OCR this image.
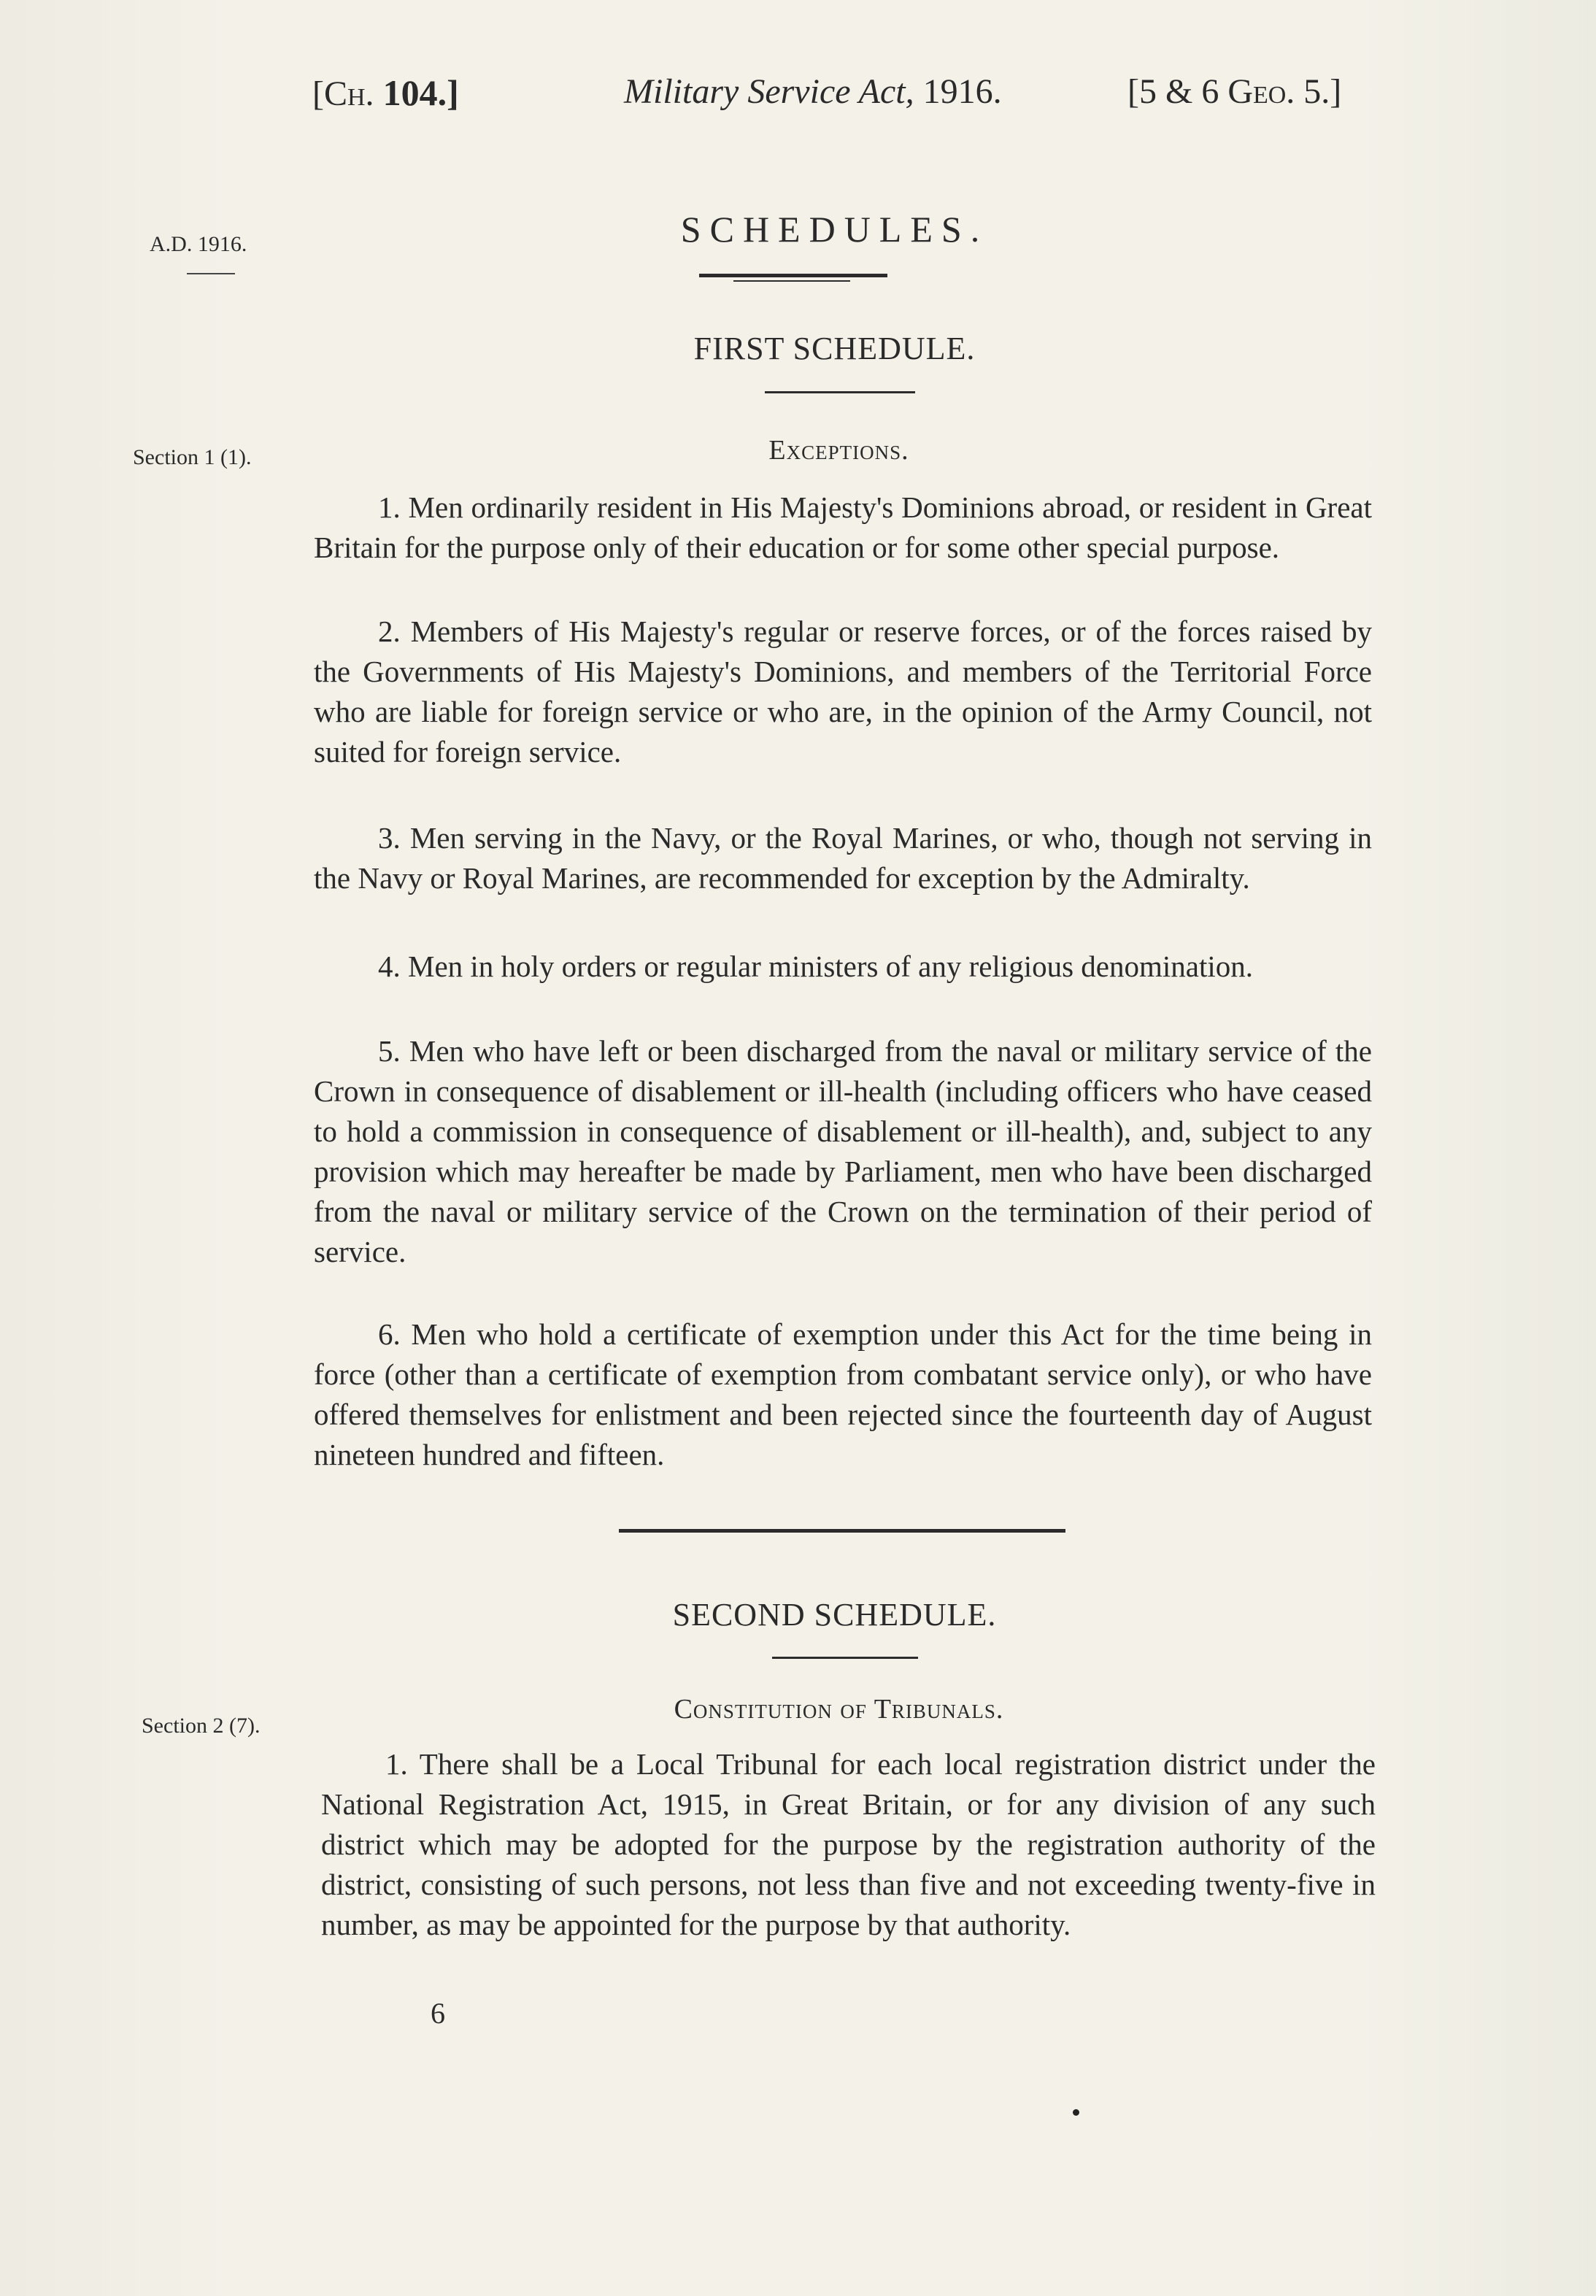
[Ch. 104.]	Military Service Act, 1916.	[5 & 6 Geo. 5.]
A.D. 1916.	SCHEDULES.
FIRST SCHEDULE.
Section 1 (1).	Exceptions.

1. Men ordinarily resident in His Majesty's Dominions abroad, or resident in Great Britain for the purpose only of their education or for some other special purpose.

2. Members of His Majesty's regular or reserve forces, or of the forces raised by the Governments of His Majesty's Dominions, and members of the Territorial Force who are liable for foreign service or who are, in the opinion of the Army Council, not suited for foreign service.

3. Men serving in the Navy, or the Royal Marines, or who, though not serving in the Navy or Royal Marines, are recommended for exception by the Admiralty.

4. Men in holy orders or regular ministers of any religious denomination.

5. Men who have left or been discharged from the naval or military service of the Crown in consequence of disablement or ill-health (including officers who have ceased to hold a commission in consequence of disablement or ill-health), and, subject to any provision which may hereafter be made by Parliament, men who have been discharged from the naval or military service of the Crown on the termination of their period of service.

6. Men who hold a certificate of exemption under this Act for the time being in force (other than a certificate of exemption from combatant service only), or who have offered themselves for enlistment and been rejected since the fourteenth day of August nineteen hundred and fifteen.

SECOND SCHEDULE.
Section 2 (7).
Constitution of Tribunals.

1. There shall be a Local Tribunal for each local registration district under the National Registration Act, 1915, in Great Britain, or for any division of any such district which may be adopted for the purpose by the registration authority of the district, consisting of such persons, not less than five and not exceeding twenty-five in number, as may be appointed for the purpose by that authority.

6
